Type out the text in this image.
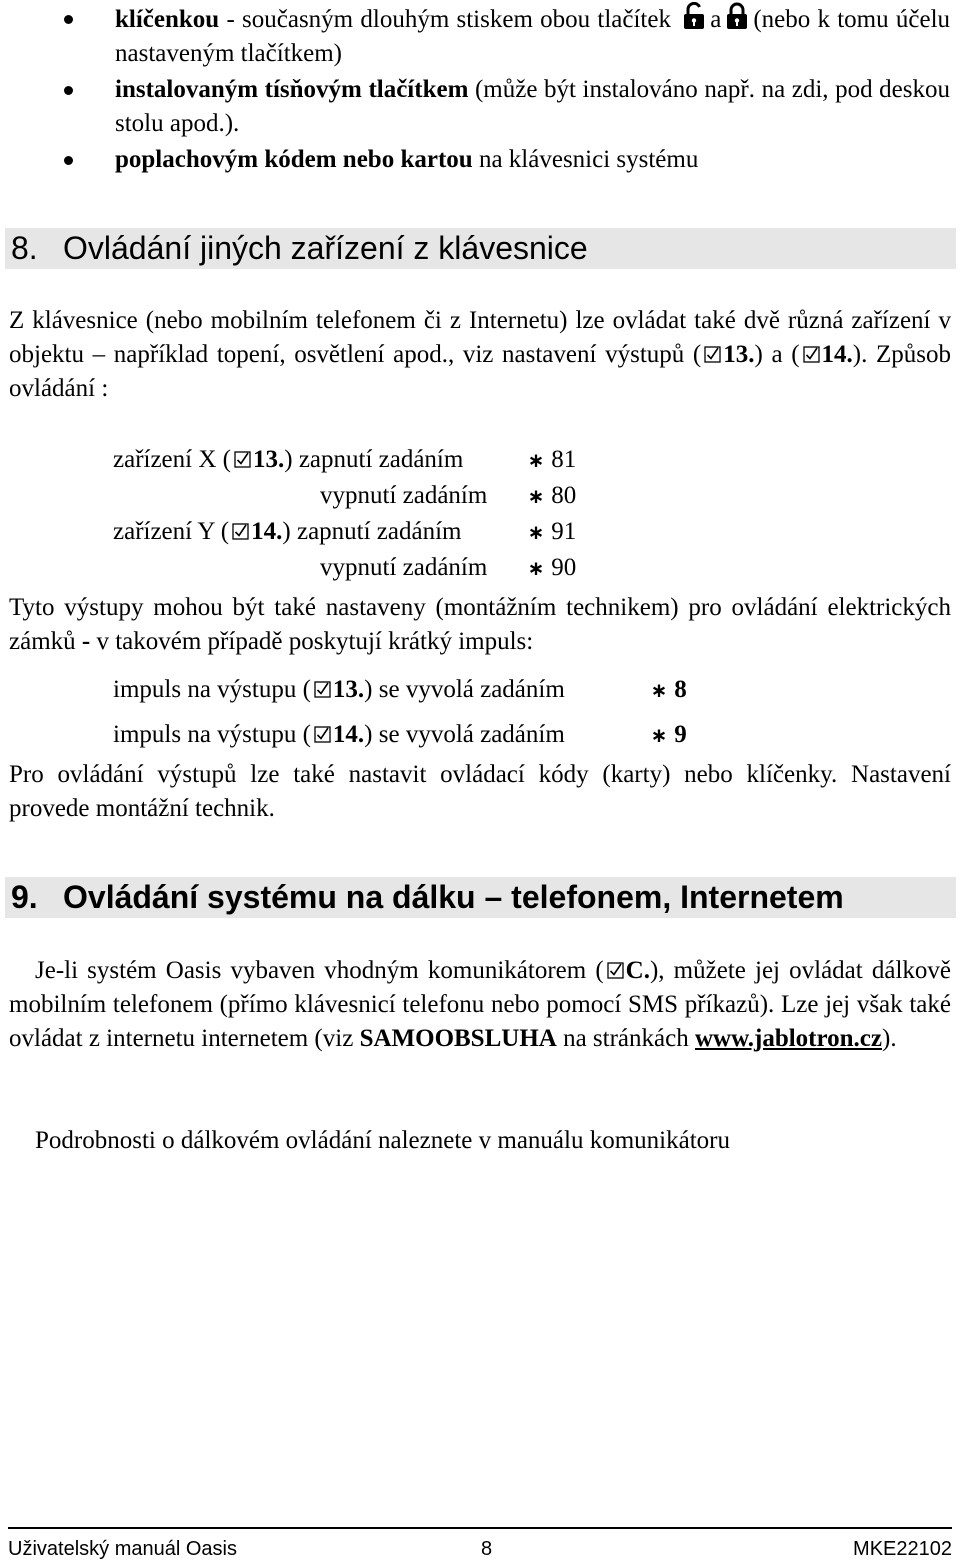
klíčenkou - současným dlouhým stiskem obou tlačítek a (nebo k tomu účelu nastaveným tlačítkem)
instalovaným tísňovým tlačítkem (může být instalováno např. na zdi, pod deskou stolu apod.).
poplachovým kódem nebo kartou na klávesnici systému
8. Ovládání jiných zařízení z klávesnice
Z klávesnice (nebo mobilním telefonem či z Internetu) lze ovládat také dvě různá zařízení v objektu – například topení, osvětlení apod., viz nastavení výstupů ( 13.) a ( 14.). Způsob ovládání :
zařízení X ( 13.) zapnutí zadáním	∗ 81
vypnutí zadáním ∗ 80
zařízení Y ( 14.) zapnutí zadáním	∗ 91
vypnutí zadáním ∗ 90
Tyto výstupy mohou být také nastaveny (montážním technikem) pro ovládání elektrických zámků - v takovém případě poskytují krátký impuls:
impuls na výstupu ( 13.) se vyvolá zadáním	∗ 8
impuls na výstupu ( 14.) se vyvolá zadáním	∗ 9
Pro ovládání výstupů lze také nastavit ovládací kódy (karty) nebo klíčenky. Nastavení provede montážní technik.
9. Ovládání systému na dálku – telefonem, Internetem
Je-li systém Oasis vybaven vhodným komunikátorem ( C.), můžete jej ovládat dálkově mobilním telefonem (přímo klávesnicí telefonu nebo pomocí SMS příkazů). Lze jej však také ovládat z internetu internetem (viz SAMOOBSLUHA na stránkách www.jablotron.cz).
Podrobnosti o dálkovém ovládání naleznete v manuálu komunikátoru
Uživatelský manuál Oasis	8	MKE22102
